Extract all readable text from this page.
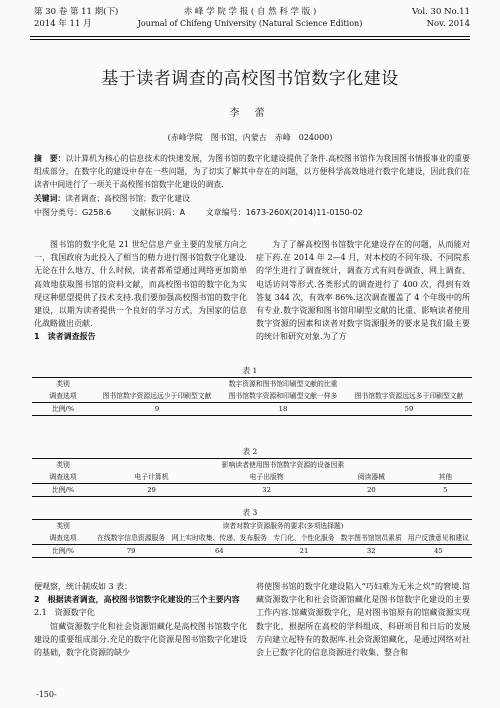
第 30 卷 第 11 期(下)
2014 年 11 月
赤 峰 学 院 学 报 ( 自 然 科 学 版 )
Journal of Chifeng University (Natural Science Edition)
Vol. 30 No.11
Nov. 2014
基于读者调查的高校图书馆数字化建设
李 蕾
(赤峰学院　图书馆，内蒙古　赤峰　024000)
摘　要：以计算机为核心的信息技术的快速发展，为图书馆的数字化建设提供了条件.高校图书馆作为我国图书情报事业的重要组成部分，在数字化的建设中存在一些问题，为了切实了解其中存在的问题，以方便科学高效地进行数字化建设，因此我们在读者中间进行了一项关于高校图书馆数字化建设的调查.
关键词：读者调查；高校图书馆；数字化建设
中图分类号：G258.6	文献标识码：A	文章编号：1673-260X(2014)11-0150-02

图书馆的数字化是 21 世纪信息产业主要的发展方向之一，我国政府为此投入了相当的精力进行图书馆数字化建设.无论在什么地方、什么时候，读者都希望通过网络更加简单高效地获取图书馆的资料文献，而高校图书馆的数字化为实现这种愿望提供了技术支持.我们要加强高校图书馆的数字化建设，以期为读者提供一个良好的学习方式，为国家的信息化战略做出贡献.

1　读者调查报告

为了了解高校图书馆数字化建设存在的问题，从而能对症下药.在 2014 年 2—4 月，对本校的不同年级、不同院系的学生进行了调查统计，调查方式有问卷调查、网上调查、电话访问等形式.各类形式的调查进行了 400 次，得到有效答复 344 次，有效率 86%.这次调查覆盖了 4 个年级中的所有专业.数字资源和图书馆印刷型文献的比重、影响读者使用数字资源的因素和读者对数字资源服务的要求是我们最主要的统计和研究对象.为了方

表 1
类别	数字资源和图书馆印刷型文献的比重		
调查选项	图书馆数字资源远远少于印刷型文献	图书馆数字资源和印刷型文献一样多	图书馆数字资源远远多于印刷型文献
比例/%	9	18	59
表 2
类别	影响读者使用图书馆数字资源的设备因素			
调查选项	电子计算机	电子出版物	阅读器械	其他
比例/%	29	32	20	5
表 3
类别	读者对数字资源服务的要求(多项选择题)				
调查选项	在线数字信息资源服务	网上实时收集、传递、发布服务	专门化、个性化服务	数字图书馆馆员素质	用户反馈意见和建议
比例/%	79	64	21	32	45

便观察，统计制成如 3 表：

2　根据读者调查，高校图书馆数字化建设的三个主要内容

2.1　资源数字化

馆藏资源数字化和社会资源馆藏化是高校图书馆数字化建设的重要组成部分.充足的数字化资源是图书馆数字化建设的基础，数字化资源的缺少

将使图书馆的数字化建设陷入“巧妇难为无米之炊”的窘境.馆藏资源数字化和社会资源馆藏化是图书馆数字化建设的主要工作内容.馆藏资源数字化，是对图书馆原有的馆藏资源实现数字化，根据所在高校的学科组成、科研项目和日后的发展方向建立起特有的数据库.社会资源馆藏化，是通过网络对社会上已数字化的信息资源进行收集、整合和

-150-
